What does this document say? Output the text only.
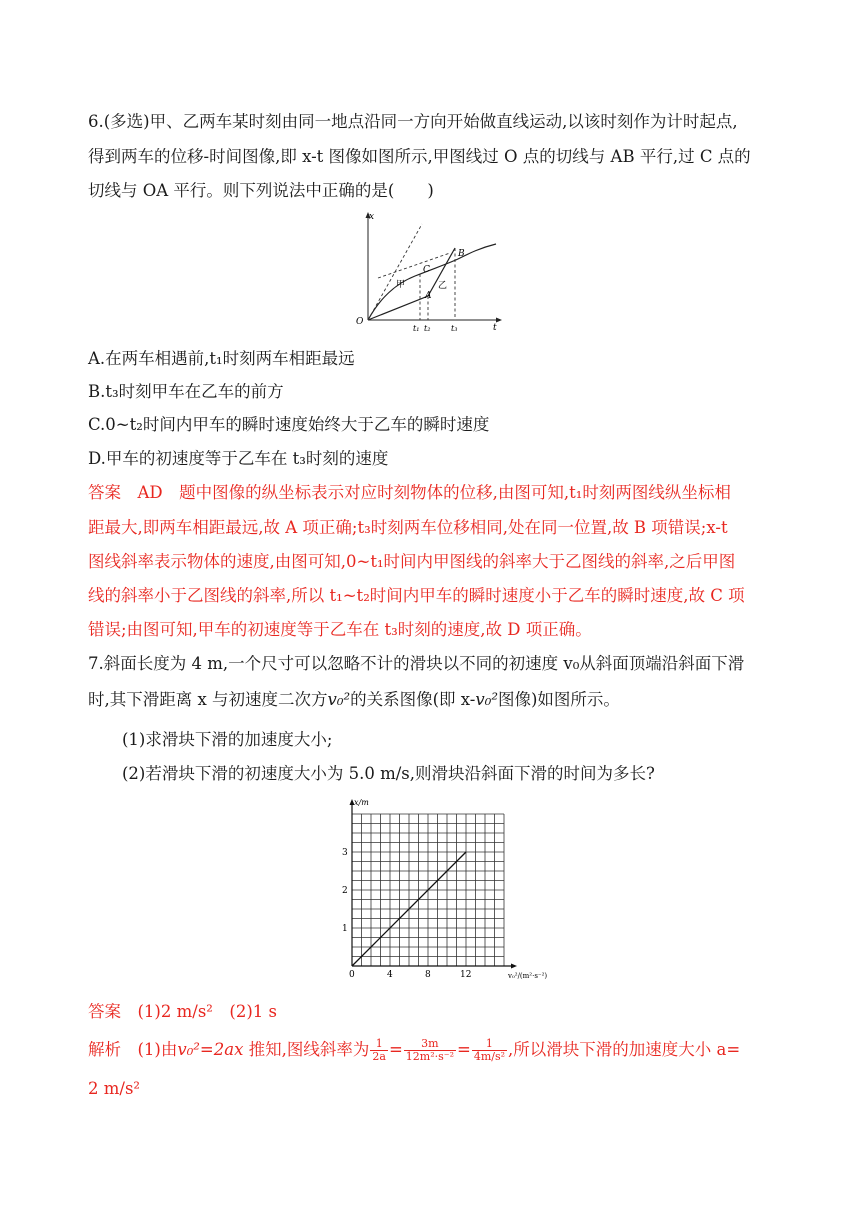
6.(多选)甲、乙两车某时刻由同一地点沿同一方向开始做直线运动,以该时刻作为计时起点,
得到两车的位移-时间图像,即 x-t 图像如图所示,甲图线过 O 点的切线与 AB 平行,过 C 点的
切线与 OA 平行。则下列说法中正确的是(　　)
x
t
O
甲	乙
C
A
B
t₁ t₂	t₃
A.在两车相遇前,t₁时刻两车相距最远
B.t₃时刻甲车在乙车的前方
C.0~t₂时间内甲车的瞬时速度始终大于乙车的瞬时速度
D.甲车的初速度等于乙车在 t₃时刻的速度
答案　AD　题中图像的纵坐标表示对应时刻物体的位移,由图可知,t₁时刻两图线纵坐标相
距最大,即两车相距最远,故 A 项正确;t₃时刻两车位移相同,处在同一位置,故 B 项错误;x-t
图线斜率表示物体的速度,由图可知,0~t₁时间内甲图线的斜率大于乙图线的斜率,之后甲图
线的斜率小于乙图线的斜率,所以 t₁~t₂时间内甲车的瞬时速度小于乙车的瞬时速度,故 C 项
错误;由图可知,甲车的初速度等于乙车在 t₃时刻的速度,故 D 项正确。
7.斜面长度为 4 m,一个尺寸可以忽略不计的滑块以不同的初速度 v₀从斜面顶端沿斜面下滑
时,其下滑距离 x 与初速度二次方v₀²的关系图像(即 x-v₀²图像)如图所示。
(1)求滑块下滑的加速度大小;
(2)若滑块下滑的初速度大小为 5.0 m/s,则滑块沿斜面下滑的时间为多长?
0	4	8	12
1
2
3
x/m
v₀²/(m²·s⁻²)
答案　(1)2 m/s²　(2)1 s
解析　(1)由v₀²=2ax 推知,图线斜率为 $\frac{1}{2a} = \frac{3m}{\text{12m²·s⁻²}} = \frac{1}{\text{4m/s²}}$ ,所以滑块下滑的加速度大小 a=
2 m/s²
